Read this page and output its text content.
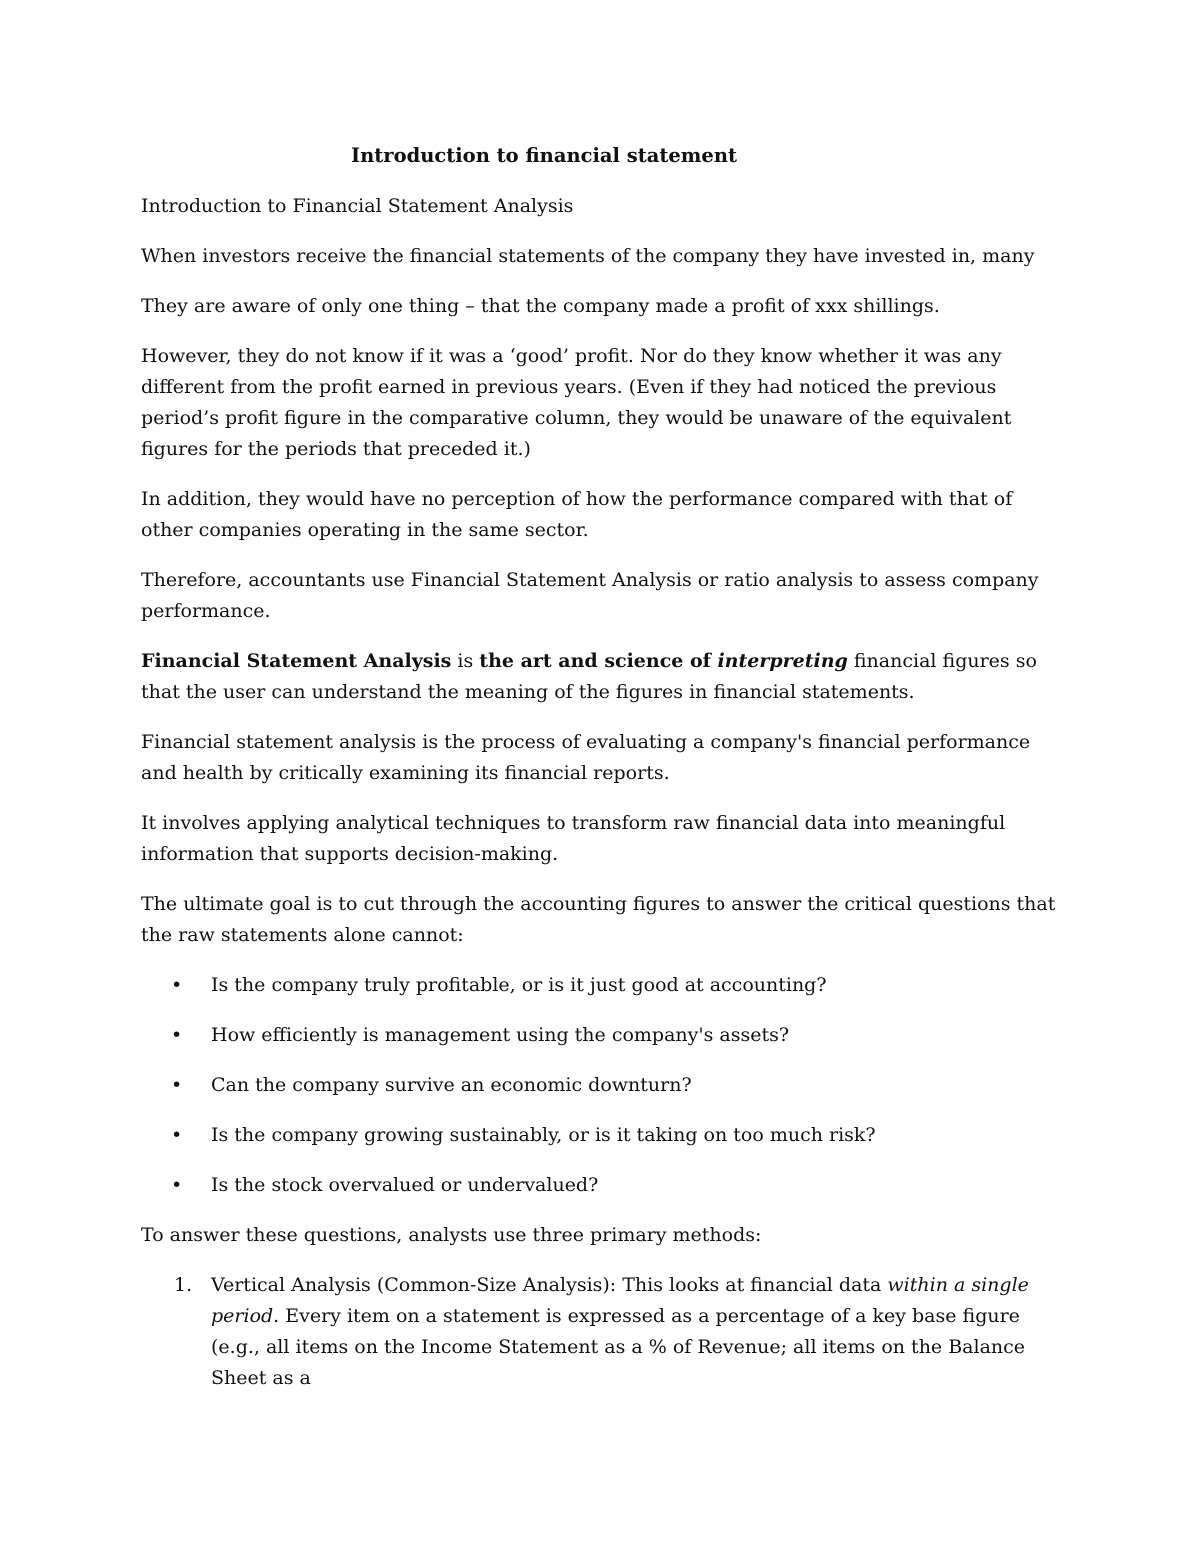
Introduction to financial statement

Introduction to Financial Statement Analysis

When investors receive the financial statements of the company they have invested in, many

They are aware of only one thing – that the company made a profit of xxx shillings.

However, they do not know if it was a ‘good’ profit. Nor do they know whether it was any different from the profit earned in previous years. (Even if they had noticed the previous period’s profit figure in the comparative column, they would be unaware of the equivalent figures for the periods that preceded it.)

In addition, they would have no perception of how the performance compared with that of other companies operating in the same sector.

Therefore, accountants use Financial Statement Analysis or ratio analysis to assess company performance.

Financial Statement Analysis is the art and science of interpreting financial figures so that the user can understand the meaning of the figures in financial statements.

Financial statement analysis is the process of evaluating a company's financial performance and health by critically examining its financial reports.

It involves applying analytical techniques to transform raw financial data into meaningful information that supports decision-making.

The ultimate goal is to cut through the accounting figures to answer the critical questions that the raw statements alone cannot:

• Is the company truly profitable, or is it just good at accounting?
• How efficiently is management using the company's assets?
• Can the company survive an economic downturn?
• Is the company growing sustainably, or is it taking on too much risk?
• Is the stock overvalued or undervalued?

To answer these questions, analysts use three primary methods:

1. Vertical Analysis (Common-Size Analysis): This looks at financial data within a single period. Every item on a statement is expressed as a percentage of a key base figure (e.g., all items on the Income Statement as a % of Revenue; all items on the Balance Sheet as a
